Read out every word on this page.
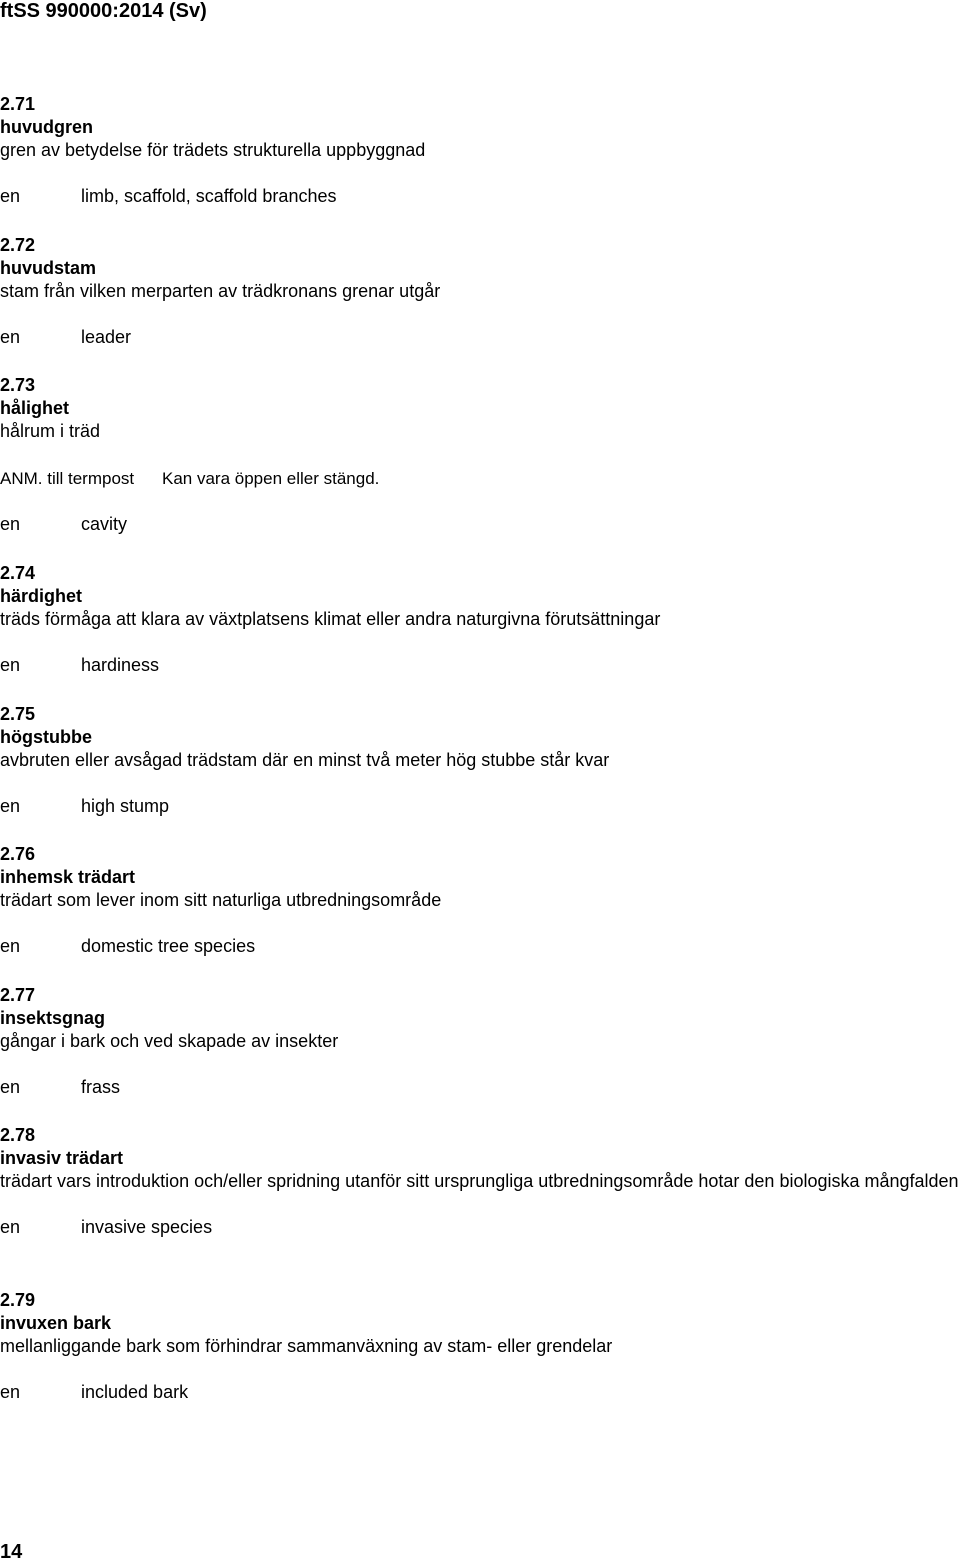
ftSS 990000:2014 (Sv)
2.71
huvudgren
gren av betydelse för trädets strukturella uppbyggnad
en	limb, scaffold, scaffold branches
2.72
huvudstam
stam från vilken merparten av trädkronans grenar utgår
en	leader
2.73
hålighet
hålrum i träd
ANM. till termpost Kan vara öppen eller stängd.
en	cavity
2.74
härdighet
träds förmåga att klara av växtplatsens klimat eller andra naturgivna förutsättningar
en	hardiness
2.75
högstubbe
avbruten eller avsågad trädstam där en minst två meter hög stubbe står kvar
en	high stump
2.76
inhemsk trädart
trädart som lever inom sitt naturliga utbredningsområde
en	domestic tree species
2.77
insektsgnag
gångar i bark och ved skapade av insekter
en	frass
2.78
invasiv trädart
trädart vars introduktion och/eller spridning utanför sitt ursprungliga utbredningsområde hotar den biologiska mångfalden
en	invasive species
2.79
invuxen bark
mellanliggande bark som förhindrar sammanväxning av stam- eller grendelar
en	included bark
14
